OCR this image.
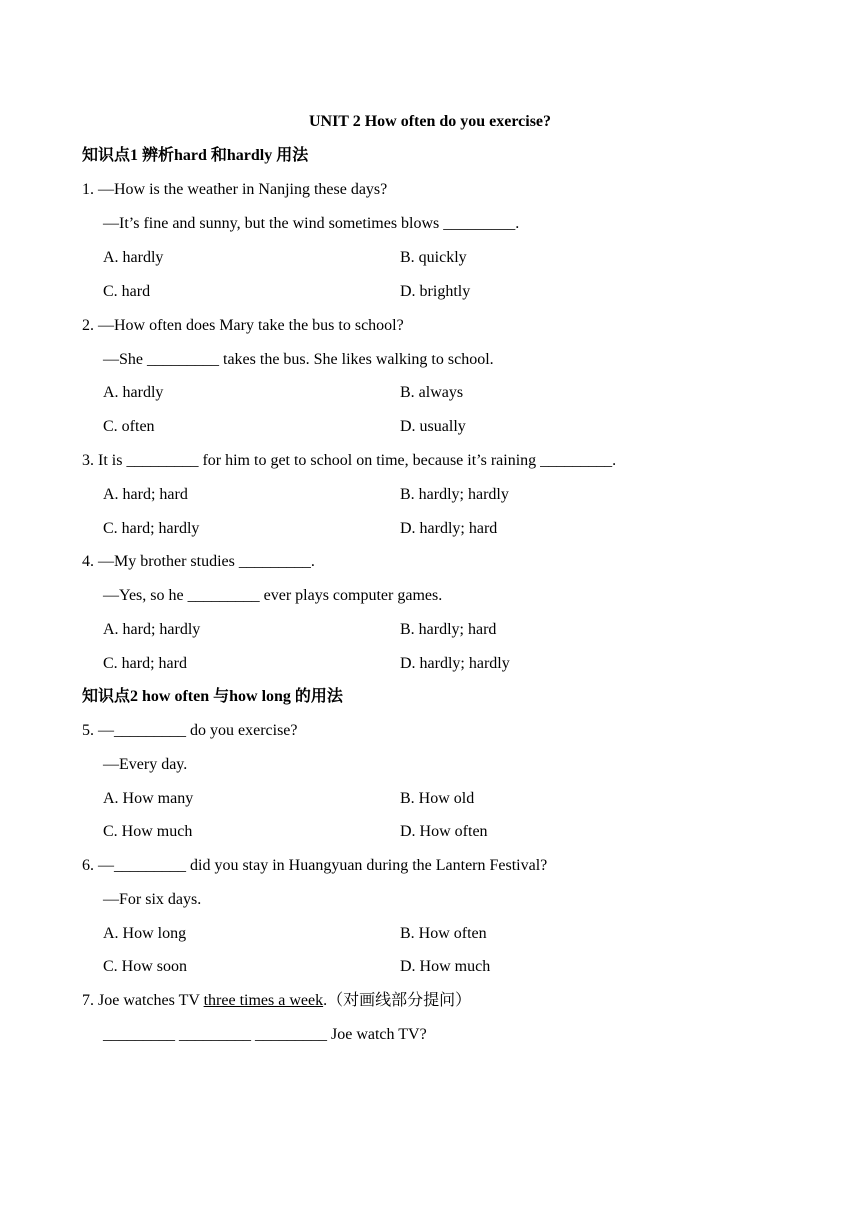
UNIT 2 How often do you exercise?
知识点1 辨析hard 和hardly 用法
1. —How is the weather in Nanjing these days?
—It’s fine and sunny, but the wind sometimes blows _________.
A. hardly	B. quickly
C. hard	D. brightly
2. —How often does Mary take the bus to school?
—She _________ takes the bus. She likes walking to school.
A. hardly	B. always
C. often	D. usually
3. It is _________ for him to get to school on time, because it’s raining _________.
A. hard; hard	B. hardly; hardly
C. hard; hardly	D. hardly; hard
4. —My brother studies _________.
—Yes, so he _________ ever plays computer games.
A. hard; hardly	B. hardly; hard
C. hard; hard	D. hardly; hardly
知识点2 how often 与how long 的用法
5. —_________ do you exercise?
—Every day.
A. How many	B. How old
C. How much	D. How often
6. —_________ did you stay in Huangyuan during the Lantern Festival?
—For six days.
A. How long	B. How often
C. How soon	D. How much
7. Joe watches TV three times a week.（对画线部分提问）
_________ _________ _________ Joe watch TV?
